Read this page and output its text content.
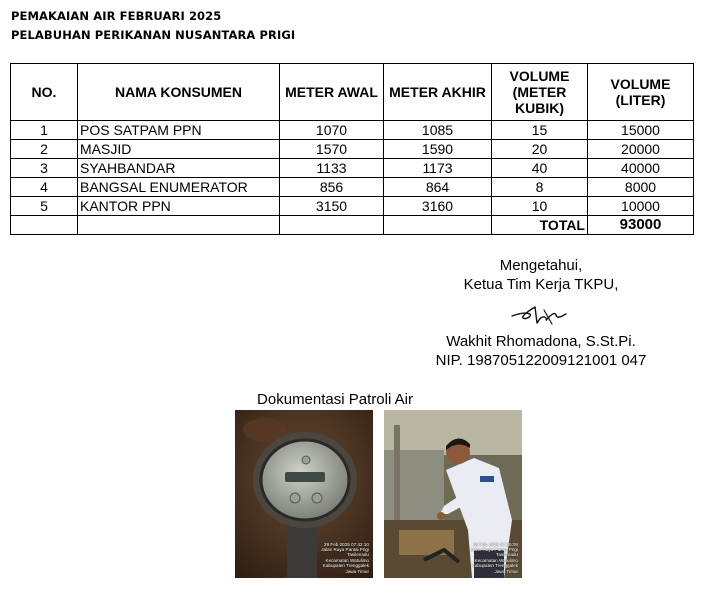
PEMAKAIAN AIR FEBRUARI 2025
PELABUHAN PERIKANAN NUSANTARA PRIGI
NO.	NAMA KONSUMEN	METER AWAL	METER AKHIR	VOLUME (METER KUBIK)	VOLUME (LITER)
1	POS SATPAM PPN	1070	1085	15	15000
2	MASJID	1570	1590	20	20000
3	SYAHBANDAR	1133	1173	40	40000
4	BANGSAL ENUMERATOR	856	864	8	8000
5	KANTOR PPN	3150	3160	10	10000
				TOTAL	93000
Mengetahui,
Ketua Tim Kerja TKPU,
Wakhit Rhomadona, S.St.Pi.
NIP. 198705122009121001 047
Dokumentasi Patroli Air
29 Feb 2025 07:42:10
Jalan Raya Pantai Prigi
Tasikmadu
Kecamatan Watulimo
Kabupaten Trenggalek
Jawa Timur
28 Feb 2025 07:35:09
Jalan Raya Pantai Prigi
Tasikmadu
Kecamatan Watulimo
Kabupaten Trenggalek
Jawa Timur
